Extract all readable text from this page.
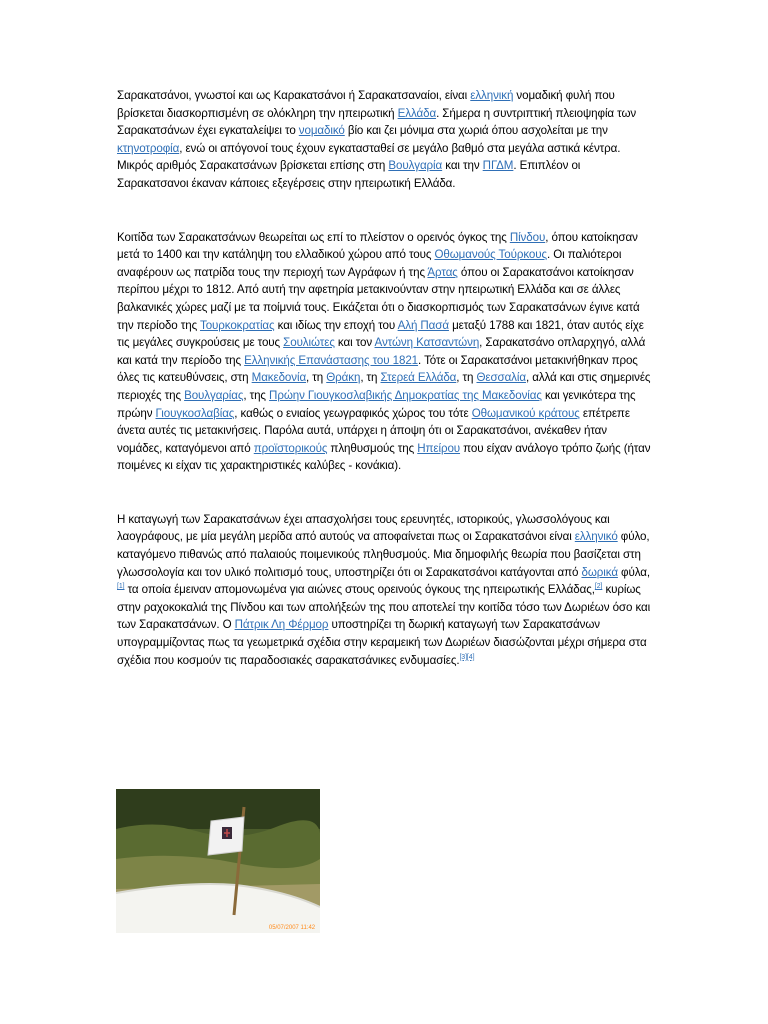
Σαρακατσάνοι, γνωστοί και ως Καρακατσάνοι ή Σαρακατσαναίοι, είναι ελληνική νομαδική φυλή που βρίσκεται διασκορπισμένη σε ολόκληρη την ηπειρωτική Ελλάδα. Σήμερα η συντριπτική πλειοψηφία των Σαρακατσάνων έχει εγκαταλείψει το νομαδικό βίο και ζει μόνιμα στα χωριά όπου ασχολείται με την κτηνοτροφία, ενώ οι απόγονοί τους έχουν εγκατασταθεί σε μεγάλο βαθμό στα μεγάλα αστικά κέντρα. Μικρός αριθμός Σαρακατσάνων βρίσκεται επίσης στη Βουλγαρία και την ΠΓΔΜ. Επιπλέον οι Σαρακατσανοι έκαναν κάποιες εξεγέρσεις στην ηπειρωτική Ελλάδα.

Κοιτίδα των Σαρακατσάνων θεωρείται ως επί το πλείστον ο ορεινός όγκος της Πίνδου, όπου κατοίκησαν μετά το 1400 και την κατάληψη του ελλαδικού χώρου από τους Οθωμανούς Τούρκους. Οι παλιότεροι αναφέρουν ως πατρίδα τους την περιοχή των Αγράφων ή της Άρτας όπου οι Σαρακατσάνοι κατοίκησαν περίπου μέχρι το 1812. Από αυτή την αφετηρία μετακινούνταν στην ηπειρωτική Ελλάδα και σε άλλες βαλκανικές χώρες μαζί με τα ποίμνιά τους. Εικάζεται ότι ο διασκορπισμός των Σαρακατσάνων έγινε κατά την περίοδο της Τουρκοκρατίας και ιδίως την εποχή του Αλή Πασά μεταξύ 1788 και 1821, όταν αυτός είχε τις μεγάλες συγκρούσεις με τους Σουλιώτες και τον Αντώνη Κατσαντώνη, Σαρακατσάνο οπλαρχηγό, αλλά και κατά την περίοδο της Ελληνικής Επανάστασης του 1821. Τότε οι Σαρακατσάνοι μετακινήθηκαν προς όλες τις κατευθύνσεις, στη Μακεδονία, τη Θράκη, τη Στερεά Ελλάδα, τη Θεσσαλία, αλλά και στις σημερινές περιοχές της Βουλγαρίας, της Πρώην Γιουγκοσλαβικής Δημοκρατίας της Μακεδονίας και γενικότερα της πρώην Γιουγκοσλαβίας, καθώς ο ενιαίος γεωγραφικός χώρος του τότε Οθωμανικού κράτους επέτρεπε άνετα αυτές τις μετακινήσεις. Παρόλα αυτά, υπάρχει η άποψη ότι οι Σαρακατσάνοι, ανέκαθεν ήταν νομάδες, καταγόμενοι από προϊστορικούς πληθυσμούς της Ηπείρου που είχαν ανάλογο τρόπο ζωής (ήταν ποιμένες κι είχαν τις χαρακτηριστικές καλύβες - κονάκια).

Η καταγωγή των Σαρακατσάνων έχει απασχολήσει τους ερευνητές, ιστορικούς, γλωσσολόγους και λαογράφους, με μία μεγάλη μερίδα από αυτούς να αποφαίνεται πως οι Σαρακατσάνοι είναι ελληνικό φύλο, καταγόμενο πιθανώς από παλαιούς ποιμενικούς πληθυσμούς. Μια δημοφιλής θεωρία που βασίζεται στη γλωσσολογία και τον υλικό πολιτισμό τους, υποστηρίζει ότι οι Σαρακατσάνοι κατάγονται από δωρικά φύλα,[1] τα οποία έμειναν απομονωμένα για αιώνες στους ορεινούς όγκους της ηπειρωτικής Ελλάδας,[2] κυρίως στην ραχοκοκαλιά της Πίνδου και των απολήξεών της που αποτελεί την κοιτίδα τόσο των Δωριέων όσο και των Σαρακατσάνων. Ο Πάτρικ Λη Φέρμορ υποστηρίζει τη δωρική καταγωγή των Σαρακατσάνων υπογραμμίζοντας πως τα γεωμετρικά σχέδια στην κεραμεική των Δωριέων διασώζονται μέχρι σήμερα στα σχέδια που κοσμούν τις παραδοσιακές σαρακατσάνικες ενδυμασίες.[3][4]

05/07/2007 11:42
